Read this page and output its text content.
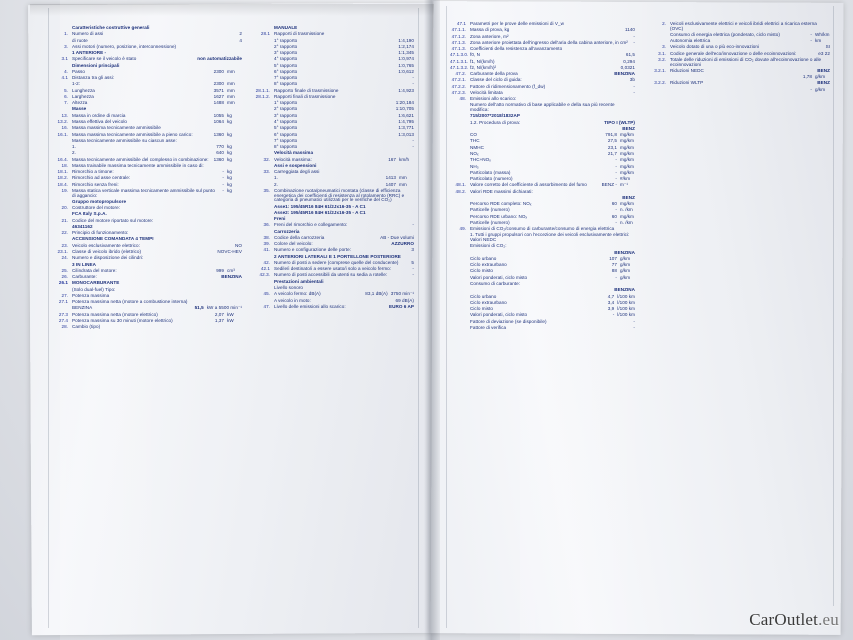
Caratteristiche costruttive generali
1. Numero di assi	2
di ruote	4
3. Assi motori (numero, posizione, interconnessione)
1 ANTERIORE -
3.1 Specificare se il veicolo è stato	non automatizzabile
Dimensioni principali
4. Passo	2300 mm
4.1 Distanza tra gli assi:
1-2:	2300 mm
5. Lunghezza	3571 mm
6. Larghezza	1627 mm
7. Altezza	1488 mm
Masse
13. Massa in ordine di marcia	1055 kg
13.2. Massa effettiva del veicolo	1064 kg
16. Massa massima tecnicamente ammissibile
16.1. Massa massima tecnicamente ammissibile a pieno carico:	1360 kg
Massa tecnicamente ammissibile su ciascun asse:
1.	770 kg
2.	640 kg
16.4. Massa tecnicamente ammissibile del complesso in combinazione:	1360 kg
18. Massa trainabile massima tecnicamente ammissibile in caso di:
18.1. Rimorchio a timone:	- kg
18.2. Rimorchio ad asse centrale:	- kg
18.4. Rimorchio senza freni:	- kg
19. Massa statica verticale massima tecnicamente ammissibile sul punto di aggancio:
- kg
Gruppo motopropulsore
20. Costruttore del motore:
FCA Italy S.p.A.
21. Codice del motore riportato sul motore:
46341162
22. Principio di funzionamento:
ACCENSIONE COMANDATA 4 TEMPI
23. Veicolo esclusivamente elettrico:	NO
23.1. Classe di veicolo ibrido (elettrico)	NOVC-HEV
24. Numero e disposizione dei cilindri:
3 IN LINEA
25. Cilindrata del motore:	999 cm³
26. Carburante:	BENZINA
26.1 MONOCARBURANTE
(Solo dual-fuel) Tipo:
27. Potenza massima
27.1 Potenza massima netta (motore a combustione interna)
BENZINA	51,5 kW a 5500 min⁻¹
27.3 Potenza massima netta (motore elettrico)	2,07 kW
27.4 Potenza massima su 30 minuti (motore elettrico)	1,37 kW
28. Cambio (tipo)
MANUALE
28.1 Rapporti di trasmissione
1° rapporto	1:4,190
2° rapporto	1:2,174
3° rapporto	1:1,345
4° rapporto	1:0,974
5° rapporto	1:0,765
6° rapporto	1:0,612
7° rapporto	-
8° rapporto	-
28.1.1. Rapporto finale di trasmissione	1:4,923
28.1.2. Rapporti finali di trasmissione
1° rapporto	1:20,184
2° rapporto	1:10,705
3° rapporto	1:6,621
4° rapporto	1:4,795
5° rapporto	1:3,771
6° rapporto	1:3,013
7° rapporto	-
8° rapporto	-
Velocità massima
32. Velocità massima:	167 km/h
Assi e sospensioni
33. Carreggiata degli assi
1.	1413 mm
2.	1407 mm
35. Combinazione ruota/pneumatici montata (classe di efficienza energetica dei coefficienti di resistenza al rotolamento (RRC) e categoria di pneumatici utilizzati per le verifiche del CO₂)
Asse1: 195/45R16 84H 61/2Jx16-35 - A C1
Asse2: 195/45R16 84H 61/2Jx16-35 - A C1
Freni
36. Freni del rimorchio e collegamento:	-
Carrozzeria
38. Codice della carrozzeria	AB - Due volumi
39. Colore del veicolo:	AZZURRO
41. Numero e configurazione delle porte:	3
2 ANTERIORI LATERALI E 1 PORTELLONE POSTERIORE
42. Numero di posti a sedere (comprese quelle del conducente)	5
42.1 Sedile/i destinato/i a essere usato/i solo a veicolo fermo:	-
42.3. Numero di posti accessibili da utenti su sedia a rotelle:	-
Prestazioni ambientali
Livello sonoro
45. A veicolo fermo: dB(A)	83,1 dB(A) 3750 min⁻¹
A veicolo in moto:	69 dB(A)
47. Livello delle emissioni allo scarico:	EURO 6 AP
47.1 Parametri per le prove delle emissioni di V_w
47.1.1. Massa di prova, kg	1140
47.1.2. Zona anteriore, m²	-
47.1.3. Zona anteriore proiettata dell'ingresso dell'aria della cabina anteriore, in cm²	-
47.1.3. Coefficienti della resistenza all'avanzamento
47.1.3.0. f0, N	61,5
47.1.3.1. f1, N/(km/h)	0,294
47.1.3.2. f2, N/(km/h)²	0,0321
47.2. Carburante della prova	BENZINA
47.2.1. Classe del ciclo di guida:	3b
47.2.2. Fattore di ridimensionamento (f_dw)	-
47.2.3. Velocità limitata	-
48. Emissioni allo scarico:
Numero dell'atto normativo di base applicabile e della sua più recente modifica:
715/2007*2018/1832AP
1.2. Procedura di prova:	TIPO I (WLTP)
BENZ
CO	791,8 mg/km
THC	27,5 mg/km
NMHC	23,1 mg/km
NOₓ	21,7 mg/km
THC+NOₓ	- mg/km
NH₃	- mg/km
Particolato (massa)	- mg/km
Particolato (numero)	- #/km
48.1. Valore corretto del coefficiente di assorbimento del fumo	BENZ - m⁻¹
48.2. Valori RDE massimi dichiarati:
BENZ
Percorso RDE completo: NOₓ	60 mg/km
Particelle (numero)	- n. /km
Percorso RDE urbano: NOₓ	60 mg/km
Particelle (numero)	- n. /km
49. Emissioni di CO₂/consumo di carburante/consumo di energia elettrica
1. Tutti i gruppi propulsori con l'eccezione dei veicoli esclusivamente elettrici: Valori NEDC
Emissioni di CO₂:
BENZINA
Ciclo urbano	107 g/km
Ciclo extraurbano	77 g/km
Ciclo misto	88 g/km
Valori ponderati, ciclo misto	- g/km
Consumo di carburante:
BENZINA
Ciclo urbano	4,7 l/100 km
Ciclo extraurbano	3,4 l/100 km
Ciclo misto	3,9 l/100 km
Valori ponderati, ciclo misto	- l/100 km
Fattore di deviazione (se disponibile)	-
Fattore di verifica	-
2. Veicoli esclusivamente elettrici e veicoli ibridi elettrici a ricarica esterna (OVC)
Consumo di energia elettrica (ponderato, ciclo misto)	- Wh/km
Autonomia elettrica	- km
3. Veicolo dotato di una o più eco-innovazioni	SI
3.1. Codice generale dell'eco/innovazione o delle ecoinnovazioni:	e3 22
3.2. Totale delle riduzioni di emissioni di CO₂ dovute all'ecoinnovazione o alle ecoinnovazioni
3.2.1. Riduzioni NEDC	BENZ
1,78 g/km
3.2.2. Riduzioni WLTP	BENZ
- g/km
CarOutlet.eu
